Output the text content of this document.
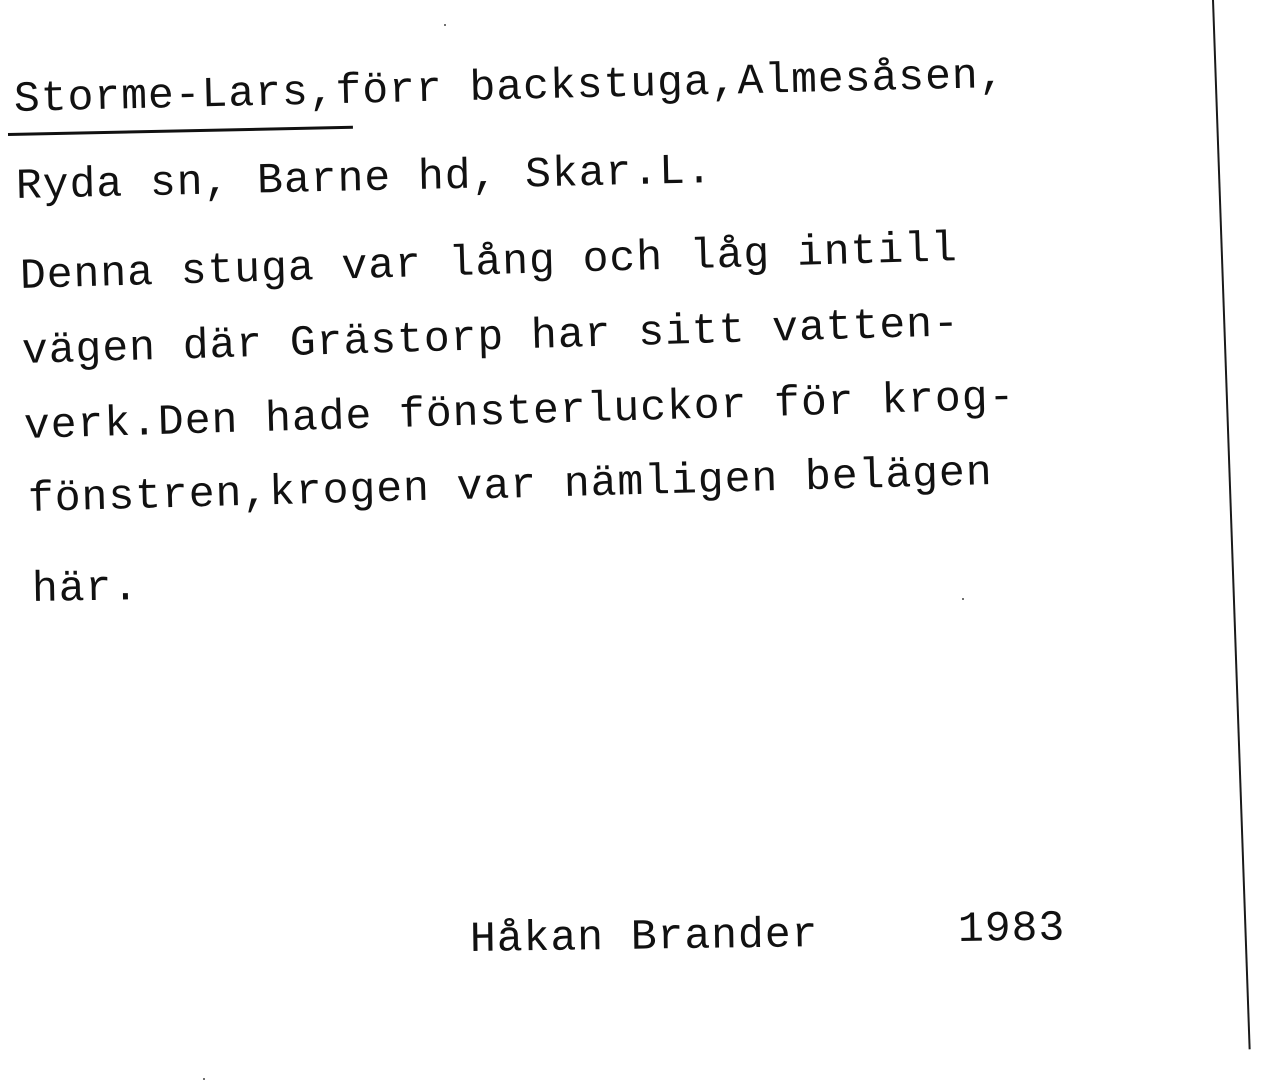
Storme-Lars,förr backstuga,Almesåsen,
Ryda sn, Barne hd, Skar.L.
Denna stuga var lång och låg intill
vägen där Grästorp har sitt vatten-
verk.Den hade fönsterluckor för krog-
fönstren,krogen var nämligen belägen
här.
Håkan Brander	1983
